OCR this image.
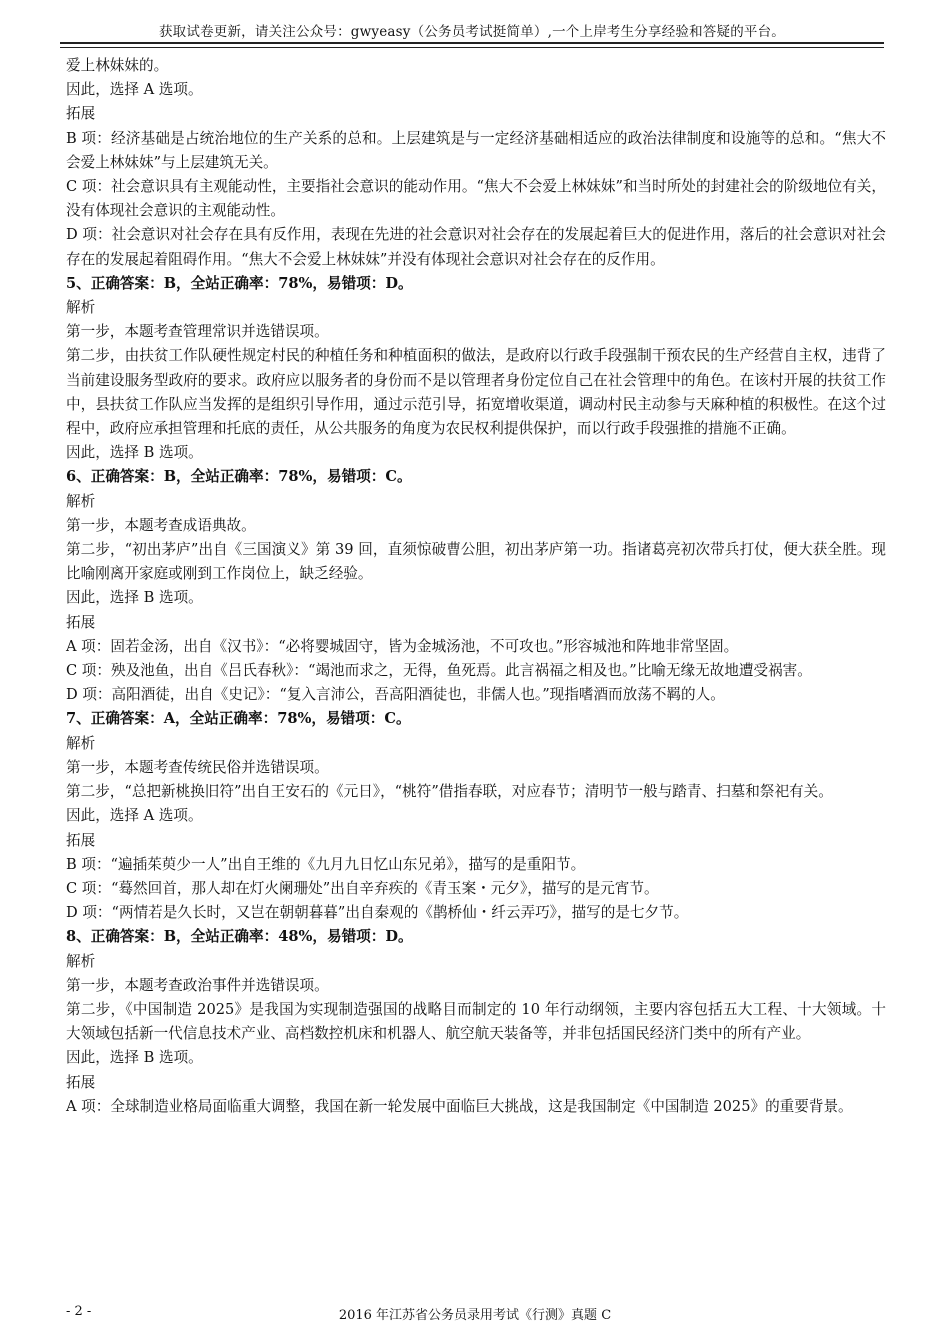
获取试卷更新，请关注公众号：gwyeasy（公务员考试挺简单）,一个上岸考生分享经验和答疑的平台。

爱上林妹妹的。

因此，选择 A 选项。

拓展

B 项：经济基础是占统治地位的生产关系的总和。上层建筑是与一定经济基础相适应的政治法律制度和设施等的总和。“焦大不会爱上林妹妹”与上层建筑无关。

C 项：社会意识具有主观能动性，主要指社会意识的能动作用。“焦大不会爱上林妹妹”和当时所处的封建社会的阶级地位有关，没有体现社会意识的主观能动性。

D 项：社会意识对社会存在具有反作用，表现在先进的社会意识对社会存在的发展起着巨大的促进作用，落后的社会意识对社会存在的发展起着阻碍作用。“焦大不会爱上林妹妹”并没有体现社会意识对社会存在的反作用。

5、正确答案：B，全站正确率：78%，易错项：D。

解析

第一步，本题考查管理常识并选错误项。

第二步，由扶贫工作队硬性规定村民的种植任务和种植面积的做法，是政府以行政手段强制干预农民的生产经营自主权，违背了当前建设服务型政府的要求。政府应以服务者的身份而不是以管理者身份定位自己在社会管理中的角色。在该村开展的扶贫工作中，县扶贫工作队应当发挥的是组织引导作用，通过示范引导，拓宽增收渠道，调动村民主动参与天麻种植的积极性。在这个过程中，政府应承担管理和托底的责任，从公共服务的角度为农民权利提供保护，而以行政手段强推的措施不正确。

因此，选择 B 选项。

6、正确答案：B，全站正确率：78%，易错项：C。

解析

第一步，本题考查成语典故。

第二步，“初出茅庐”出自《三国演义》第 39 回，直须惊破曹公胆，初出茅庐第一功。指诸葛亮初次带兵打仗，便大获全胜。现比喻刚离开家庭或刚到工作岗位上，缺乏经验。

因此，选择 B 选项。

拓展

A 项：固若金汤，出自《汉书》：“必将婴城固守，皆为金城汤池，不可攻也。”形容城池和阵地非常坚固。

C 项：殃及池鱼，出自《吕氏春秋》：“竭池而求之，无得，鱼死焉。此言祸福之相及也。”比喻无缘无故地遭受祸害。

D 项：高阳酒徒，出自《史记》：“复入言沛公，吾高阳酒徒也，非儒人也。”现指嗜酒而放荡不羁的人。

7、正确答案：A，全站正确率：78%，易错项：C。

解析

第一步，本题考查传统民俗并选错误项。

第二步，“总把新桃换旧符”出自王安石的《元日》，“桃符”借指春联，对应春节；清明节一般与踏青、扫墓和祭祀有关。

因此，选择 A 选项。

拓展

B 项：“遍插茱萸少一人”出自王维的《九月九日忆山东兄弟》，描写的是重阳节。

C 项：“蓦然回首，那人却在灯火阑珊处”出自辛弃疾的《青玉案・元夕》，描写的是元宵节。

D 项：“两情若是久长时，又岂在朝朝暮暮”出自秦观的《鹊桥仙・纤云弄巧》，描写的是七夕节。

8、正确答案：B，全站正确率：48%，易错项：D。

解析

第一步，本题考查政治事件并选错误项。

第二步，《中国制造 2025》是我国为实现制造强国的战略目而制定的 10 年行动纲领，主要内容包括五大工程、十大领域。十大领域包括新一代信息技术产业、高档数控机床和机器人、航空航天装备等，并非包括国民经济门类中的所有产业。

因此，选择 B 选项。

拓展

A 项：全球制造业格局面临重大调整，我国在新一轮发展中面临巨大挑战，这是我国制定《中国制造 2025》的重要背景。

- 2 -	2016 年江苏省公务员录用考试《行测》真题 C
